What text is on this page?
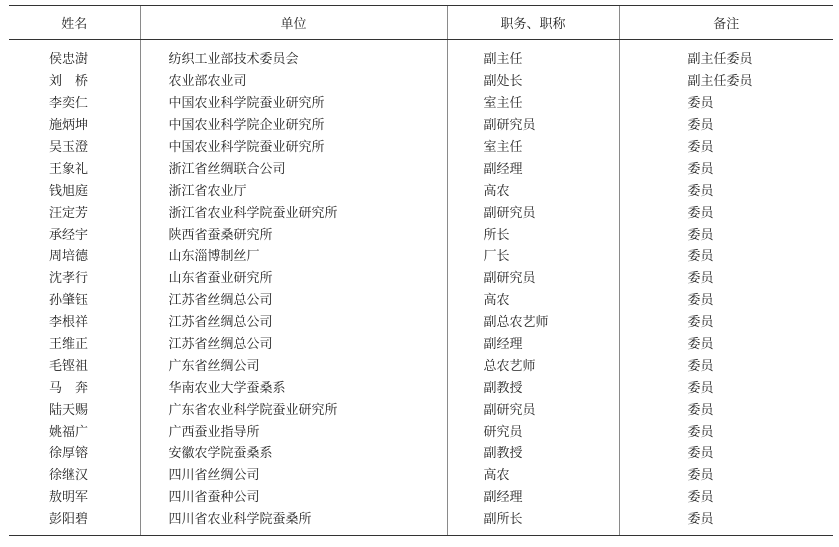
姓名	单位	职务、职称	备注
侯忠澍	纺织工业部技术委员会	副主任	副主任委员
刘　桥	农业部农业司	副处长	副主任委员
李奕仁	中国农业科学院蚕业研究所	室主任	委员
施炳坤	中国农业科学院企业研究所	副研究员	委员
吴玉澄	中国农业科学院蚕业研究所	室主任	委员
王象礼	浙江省丝绸联合公司	副经理	委员
钱旭庭	浙江省农业厅	高农	委员
汪定芳	浙江省农业科学院蚕业研究所	副研究员	委员
承经宇	陕西省蚕桑研究所	所长	委员
周培德	山东淄博制丝厂	厂长	委员
沈孝行	山东省蚕业研究所	副研究员	委员
孙肇钰	江苏省丝绸总公司	高农	委员
李根祥	江苏省丝绸总公司	副总农艺师	委员
王维正	江苏省丝绸总公司	副经理	委员
毛铿祖	广东省丝绸公司	总农艺师	委员
马　奔	华南农业大学蚕桑系	副教授	委员
陆天赐	广东省农业科学院蚕业研究所	副研究员	委员
姚福广	广西蚕业指导所	研究员	委员
徐厚镕	安徽农学院蚕桑系	副教授	委员
徐继汉	四川省丝绸公司	高农	委员
敖明军	四川省蚕种公司	副经理	委员
彭阳碧	四川省农业科学院蚕桑所	副所长	委员
